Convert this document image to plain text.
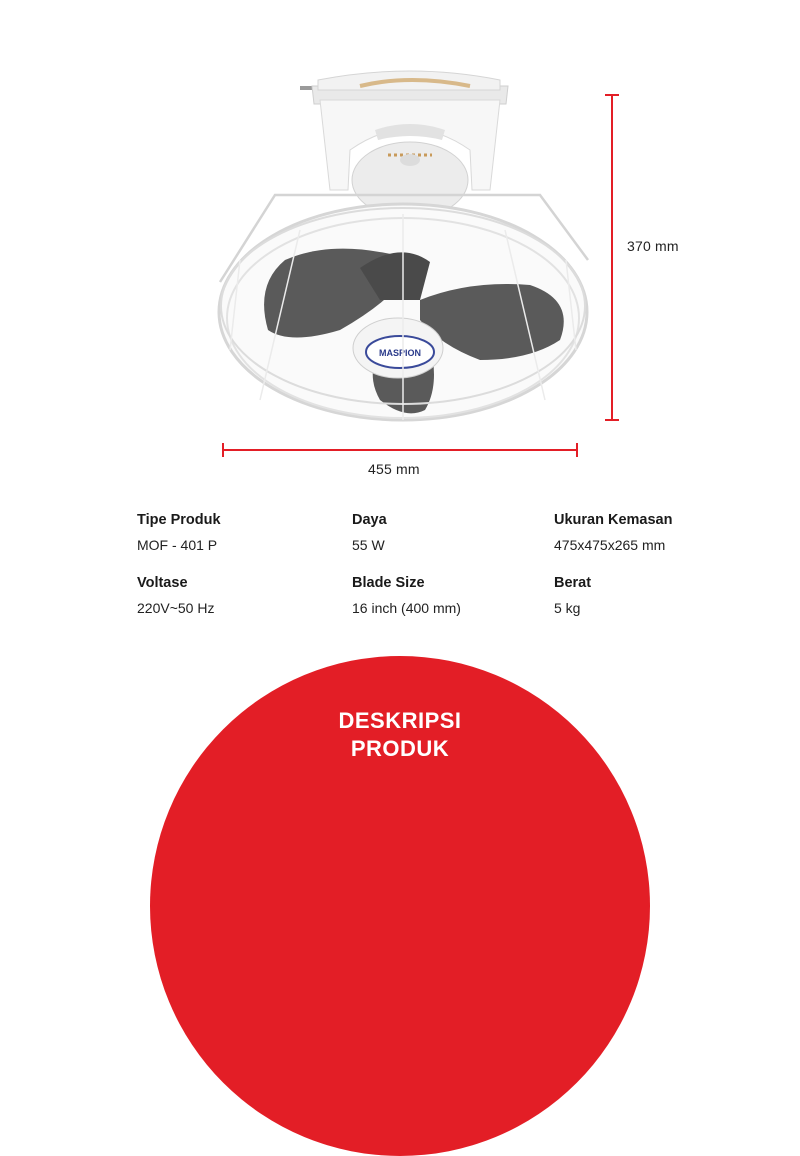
MASPION
370 mm
455 mm
Tipe Produk
MOF - 401 P
Daya
55 W
Ukuran Kemasan
475x475x265 mm
Voltase
220V~50 Hz
Blade Size
16 inch (400 mm)
Berat
5 kg
DESKRIPSI
PRODUK
